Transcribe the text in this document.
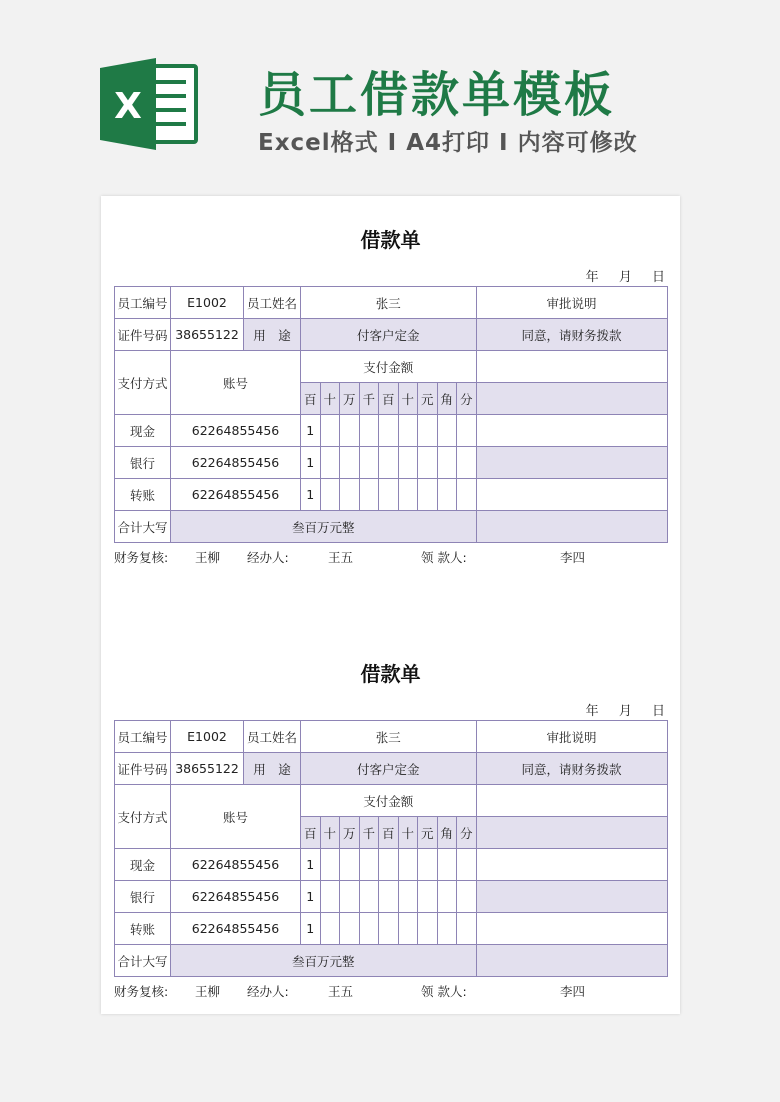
X 员工借款单模板
Excel格式 I A4打印 I 内容可修改
借款单
年 月 日
员工编号	E1002	员工姓名	张三									审批说明
证件号码	38655122	用　途	付客户定金									同意，请财务拨款
支付方式	账号		支付金额									
			百	十	万	千	百	十	元	角	分	
现金	62264855456		1									
银行	62264855456		1									
转账	62264855456		1									
合计大写	叁百万元整											
财务复核: 王柳 经办人:	王五	领 款人:	李四
借款单
年 月 日
员工编号	E1002	员工姓名	张三									审批说明
证件号码	38655122	用　途	付客户定金									同意，请财务拨款
支付方式	账号		支付金额									
			百	十	万	千	百	十	元	角	分	
现金	62264855456		1									
银行	62264855456		1									
转账	62264855456		1									
合计大写	叁百万元整											
财务复核: 王柳 经办人:	王五	领 款人:	李四
